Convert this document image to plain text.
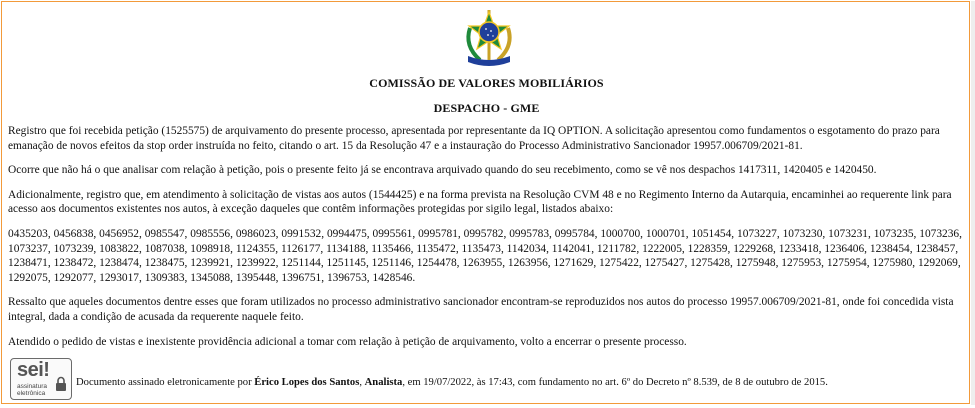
COMISSÃO DE VALORES MOBILIÁRIOS
DESPACHO - GME

Registro que foi recebida petição (1525575) de arquivamento do presente processo, apresentada por representante da IQ OPTION. A solicitação apresentou como fundamentos o esgotamento do prazo para emanação de novos efeitos da stop order instruída no feito, citando o art. 15 da Resolução 47 e a instauração do Processo Administrativo Sancionador 19957.006709/2021-81.

Ocorre que não há o que analisar com relação à petição, pois o presente feito já se encontrava arquivado quando do seu recebimento, como se vê nos despachos 1417311, 1420405 e 1420450.

Adicionalmente, registro que, em atendimento à solicitação de vistas aos autos (1544425) e na forma prevista na Resolução CVM 48 e no Regimento Interno da Autarquia, encaminhei ao requerente link para acesso aos documentos existentes nos autos, à exceção daqueles que contêm informações protegidas por sigilo legal, listados abaixo:

0435203, 0456838, 0456952, 0985547, 0985556, 0986023, 0991532, 0994475, 0995561, 0995781, 0995782, 0995783, 0995784, 1000700, 1000701, 1051454, 1073227, 1073230, 1073231, 1073235, 1073236, 1073237, 1073239, 1083822, 1087038, 1098918, 1124355, 1126177, 1134188, 1135466, 1135472, 1135473, 1142034, 1142041, 1211782, 1222005, 1228359, 1229268, 1233418, 1236406, 1238454, 1238457, 1238471, 1238472, 1238474, 1238475, 1239921, 1239922, 1251144, 1251145, 1251146, 1254478, 1263955, 1263956, 1271629, 1275422, 1275427, 1275428, 1275948, 1275953, 1275954, 1275980, 1292069, 1292075, 1292077, 1293017, 1309383, 1345088, 1395448, 1396751, 1396753, 1428546.

Ressalto que aqueles documentos dentre esses que foram utilizados no processo administrativo sancionador encontram-se reproduzidos nos autos do processo 19957.006709/2021-81, onde foi concedida vista integral, dada a condição de acusada da requerente naquele feito.

Atendido o pedido de vistas e inexistente providência adicional a tomar com relação à petição de arquivamento, volto a encerrar o presente processo.

sei!
assinatura eletrônica
Documento assinado eletronicamente por Érico Lopes dos Santos, Analista, em 19/07/2022, às 17:43, com fundamento no art. 6º do Decreto nº 8.539, de 8 de outubro de 2015.
